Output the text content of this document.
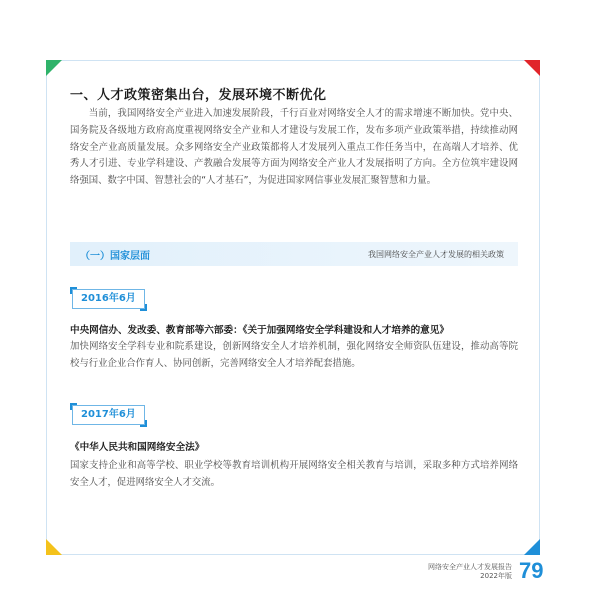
一、人才政策密集出台，发展环境不断优化

当前，我国网络安全产业进入加速发展阶段，千行百业对网络安全人才的需求增速不断加快。党中央、国务院及各级地方政府高度重视网络安全产业和人才建设与发展工作，发布多项产业政策举措，持续推动网络安全产业高质量发展。众多网络安全产业政策都将人才发展列入重点工作任务当中，在高端人才培养、优秀人才引进、专业学科建设、产教融合发展等方面为网络安全产业人才发展指明了方向。全方位筑牢建设网络强国、数字中国、智慧社会的“人才基石”，为促进国家网信事业发展汇聚智慧和力量。

（一）国家层面	我国网络安全产业人才发展的相关政策
2016年6月
中央网信办、发改委、教育部等六部委：《关于加强网络安全学科建设和人才培养的意见》

加快网络安全学科专业和院系建设，创新网络安全人才培养机制，强化网络安全师资队伍建设，推动高等院校与行业企业合作育人、协同创新，完善网络安全人才培养配套措施。

2017年6月
《中华人民共和国网络安全法》

国家支持企业和高等学校、职业学校等教育培训机构开展网络安全相关教育与培训，采取多种方式培养网络安全人才，促进网络安全人才交流。

网络安全产业人才发展报告
2022年版 79
